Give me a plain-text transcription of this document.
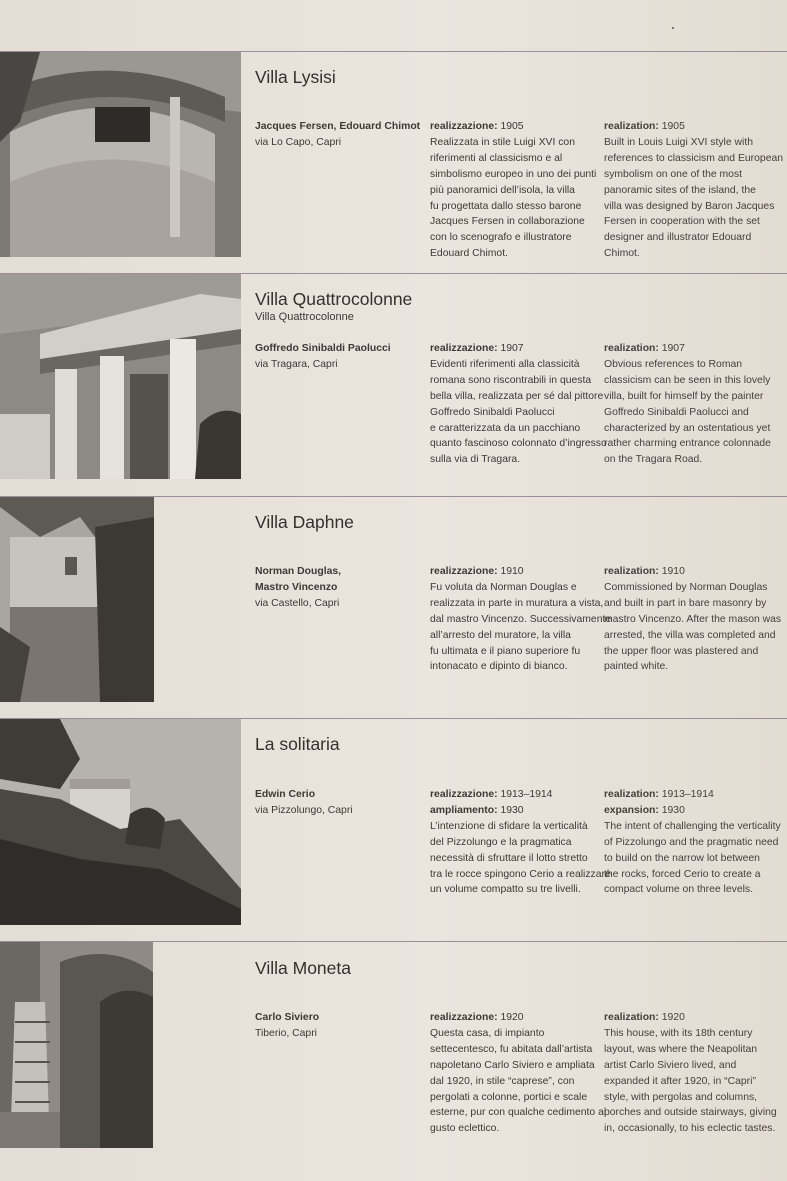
Villa Lysisi
Jacques Fersen, Edouard Chimot
via Lo Capo, Capri
realizzazione: 1905
Realizzata in stile Luigi XVI con
riferimenti al classicismo e al
simbolismo europeo in uno dei punti
più panoramici dell’isola, la villa
fu progettata dallo stesso barone
Jacques Fersen in collaborazione
con lo scenografo e illustratore
Edouard Chimot.
realization: 1905
Built in Louis Luigi XVI style with
references to classicism and European
symbolism on one of the most
panoramic sites of the island, the
villa was designed by Baron Jacques
Fersen in cooperation with the set
designer and illustrator Edouard
Chimot.
Villa Quattrocolonne
Villa Quattrocolonne
Goffredo Sinibaldi Paolucci
via Tragara, Capri
realizzazione: 1907
Evidenti riferimenti alla classicità
romana sono riscontrabili in questa
bella villa, realizzata per sé dal pittore
Goffredo Sinibaldi Paolucci
e caratterizzata da un pacchiano
quanto fascinoso colonnato d’ingresso
sulla via di Tragara.
realization: 1907
Obvious references to Roman
classicism can be seen in this lovely
villa, built for himself by the painter
Goffredo Sinibaldi Paolucci and
characterized by an ostentatious yet
rather charming entrance colonnade
on the Tragara Road.
Villa Daphne
Norman Douglas,
Mastro Vincenzo
via Castello, Capri
realizzazione: 1910
Fu voluta da Norman Douglas e
realizzata in parte in muratura a vista,
dal mastro Vincenzo. Successivamente
all’arresto del muratore, la villa
fu ultimata e il piano superiore fu
intonacato e dipinto di bianco.
realization: 1910
Commissioned by Norman Douglas
and built in part in bare masonry by
mastro Vincenzo. After the mason was
arrested, the villa was completed and
the upper floor was plastered and
painted white.
La solitaria
Edwin Cerio
via Pizzolungo, Capri
realizzazione: 1913–1914
ampliamento: 1930
L’intenzione di sfidare la verticalità
del Pizzolungo e la pragmatica
necessità di sfruttare il lotto stretto
tra le rocce spingono Cerio a realizzare
un volume compatto su tre livelli.
realization: 1913–1914
expansion: 1930
The intent of challenging the verticality
of Pizzolungo and the pragmatic need
to build on the narrow lot between
the rocks, forced Cerio to create a
compact volume on three levels.
Villa Moneta
Carlo Siviero
Tiberio, Capri
realizzazione: 1920
Questa casa, di impianto
settecentesco, fu abitata dall’artista
napoletano Carlo Siviero e ampliata
dal 1920, in stile “caprese”, con
pergolati a colonne, portici e scale
esterne, pur con qualche cedimento al
gusto eclettico.
realization: 1920
This house, with its 18th century
layout, was where the Neapolitan
artist Carlo Siviero lived, and
expanded it after 1920, in “Capri”
style, with pergolas and columns,
porches and outside stairways, giving
in, occasionally, to his eclectic tastes.
